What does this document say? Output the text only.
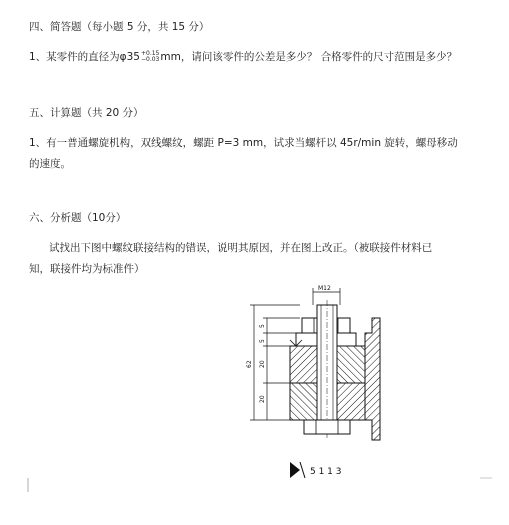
四、简答题（每小题 5 分，共 15 分）
1、某零件的直径为φ35 +0.15
−0.03 mm，请问该零件的公差是多少？ 合格零件的尺寸范围是多少？
五、计算题（共 20 分）
1、有一普通螺旋机构，双线螺纹，螺距 P=3 mm，试求当螺杆以 45r/min 旋转，螺母移动
的速度。
六、分析题（10分）
试找出下图中螺纹联接结构的错误，说明其原因，并在图上改正。（被联接件材料已
知，联接件均为标准件）
M12
5
5
62 20
20
5 1 1 3
